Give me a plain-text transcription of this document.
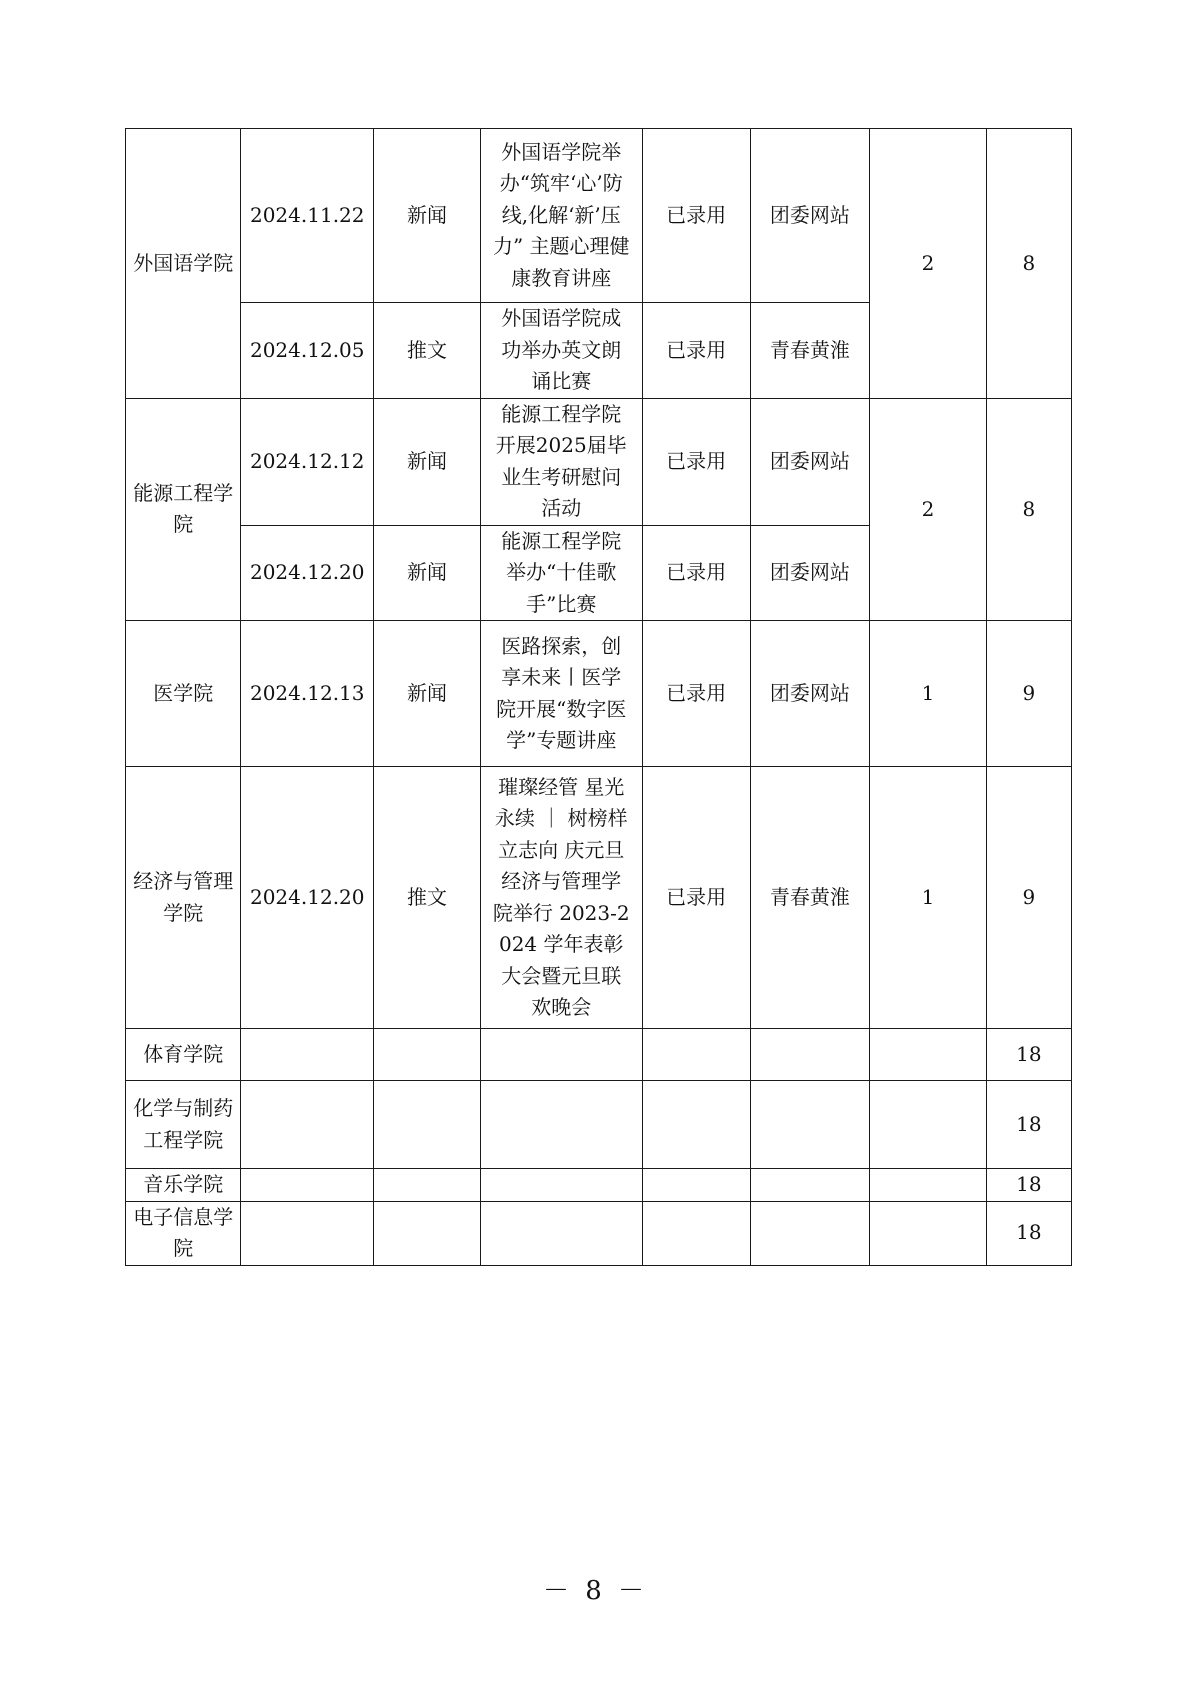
外国语学院	2024.11.22	新闻	外国语学院举办“筑牢‘心’防线,化解‘新’压力” 主题心理健康教育讲座	已录用	团委网站	2	8
	2024.12.05	推文	外国语学院成功举办英文朗诵比赛	已录用	青春黄淮		
能源工程学院	2024.12.12	新闻	能源工程学院开展2025届毕业生考研慰问活动	已录用	团委网站	2	8
	2024.12.20	新闻	能源工程学院举办“十佳歌手”比赛	已录用	团委网站		
医学院	2024.12.13	新闻	医路探索，创享未来丨医学院开展“数字医学”专题讲座	已录用	团委网站	1	9
经济与管理学院	2024.12.20	推文	璀璨经管 星光永续 ｜ 树榜样 立志向 庆元旦 经济与管理学院举行 2023-2024 学年表彰大会暨元旦联欢晚会	已录用	青春黄淮	1	9
体育学院							18
化学与制药工程学院							18
音乐学院							18
电子信息学院							18
－ 8 －
